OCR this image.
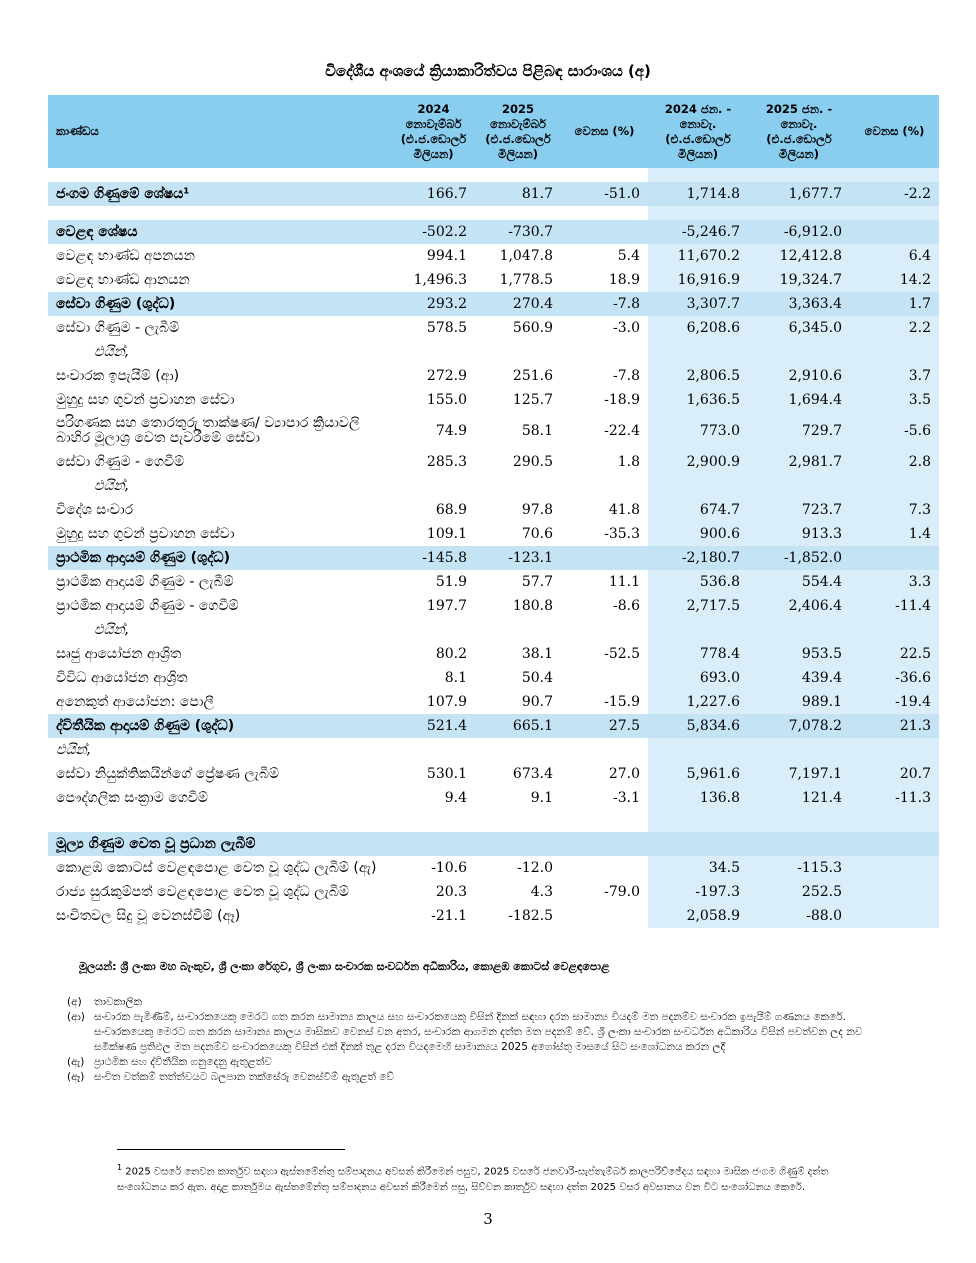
විදේශීය අංශයේ ක්‍රියාකාරිත්වය පිළිබඳ සාරාංශය (අ)
කාණ්ඩය	2024 නොවැම්බර් (එ.ජ.ඩොලර් මිලියන)	2025 නොවැම්බර් (එ.ජ.ඩොලර් මිලියන)	වෙනස (%)	2024 ජන. - නොවැ. (එ.ජ.ඩොලර් මිලියන)	2025 ජන. - නොවැ. (එ.ජ.ඩොලර් මිලියන)	වෙනස (%)

ජංගම ගිණුමේ ශේෂය¹	166.7	81.7	-51.0	1,714.8	1,677.7	-2.2

වෙළඳ ශේෂය	-502.2	-730.7		-5,246.7	-6,912.0	
වෙළඳ භාණ්ඩ අපනයන	994.1	1,047.8	5.4	11,670.2	12,412.8	6.4
වෙළඳ භාණ්ඩ ආනයන	1,496.3	1,778.5	18.9	16,916.9	19,324.7	14.2
සේවා ගිණුම (ශුද්ධ)	293.2	270.4	-7.8	3,307.7	3,363.4	1.7
සේවා ගිණුම - ලැබීම්	578.5	560.9	-3.0	6,208.6	6,345.0	2.2
එයින්,						
සංචාරක ඉපැයීම් (ආ)	272.9	251.6	-7.8	2,806.5	2,910.6	3.7
මුහුදු සහ ගුවන් ප්‍රවාහන සේවා	155.0	125.7	-18.9	1,636.5	1,694.4	3.5
පරිගණක සහ තොරතුරු තාක්ෂණ/ ව්‍යාපාර ක්‍රියාවලි බාහිර මූලාශ්‍ර වෙත පැවරීමේ සේවා	74.9	58.1	-22.4	773.0	729.7	-5.6
සේවා ගිණුම - ගෙවීම්	285.3	290.5	1.8	2,900.9	2,981.7	2.8
එයින්,						
විදේශ සංචාර	68.9	97.8	41.8	674.7	723.7	7.3
මුහුදු සහ ගුවන් ප්‍රවාහන සේවා	109.1	70.6	-35.3	900.6	913.3	1.4
ප්‍රාථමික ආදායම් ගිණුම (ශුද්ධ)	-145.8	-123.1		-2,180.7	-1,852.0	
ප්‍රාථමික ආදායම් ගිණුම - ලැබීම්	51.9	57.7	11.1	536.8	554.4	3.3
ප්‍රාථමික ආදායම් ගිණුම - ගෙවීම්	197.7	180.8	-8.6	2,717.5	2,406.4	-11.4
එයින්,						
සෘජු ආයෝජන ආශ්‍රිත	80.2	38.1	-52.5	778.4	953.5	22.5
විවිධ ආයෝජන ආශ්‍රිත	8.1	50.4		693.0	439.4	-36.6
අනෙකුත් ආයෝජන: පොලී	107.9	90.7	-15.9	1,227.6	989.1	-19.4
ද්විතීයික ආදායම් ගිණුම (ශුද්ධ)	521.4	665.1	27.5	5,834.6	7,078.2	21.3
එයින්,						
සේවා නියුක්තිකයින්ගේ ප්‍රේෂණ ලැබීම්	530.1	673.4	27.0	5,961.6	7,197.1	20.7
පෞද්ගලික සංක්‍රාම ගෙවීම්	9.4	9.1	-3.1	136.8	121.4	-11.3

මූල්‍ය ගිණුම වෙත වූ ප්‍රධාන ලැබීම්						
කොළඹ කොටස් වෙළඳපොළ වෙත වූ ශුද්ධ ලැබීම් (ඇ)	-10.6	-12.0		34.5	-115.3	
රාජ්‍ය සුරැකුම්පත් වෙළඳපොළ වෙත වූ ශුද්ධ ලැබීම්	20.3	4.3	-79.0	-197.3	252.5	
සංචිතවල සිදු වූ වෙනස්වීම් (ඈ)	-21.1	-182.5		2,058.9	-88.0	
මූලයන්: ශ්‍රී ලංකා මහ බැංකුව, ශ්‍රී ලංකා රේගුව, ශ්‍රී ලංකා සංචාරක සංවර්ධන අධිකාරිය, කොළඹ කොටස් වෙළඳපොළ
(අ)	තාවකාලික
(ආ) සංචාරක පැමිණීම්, සංචාරකයෙකු මෙරට ගත කරන සාමාන්‍ය කාලය සහ සංචාරකයෙකු විසින් දිනක් සඳහා දරන සාමාන්‍ය වියදම් මත පදනම්ව සංචාරක ඉපැයීම් ගණනය කෙරේ. සංචාරකයෙකු මෙරට ගත කරන සාමාන්‍ය කාලය මාසිකව වෙනස් වන අතර, සංචාරක ආගමන දත්ත මත පදනම් වේ. ශ්‍රී ලංකා සංචාරක සංවර්ධන අධිකාරිය විසින් පවත්වන ලද නව සමීක්ෂණ ප්‍රතිඵල මත පදනම්ව සංචාරකයෙකු විසින් එක් දිනක් තුළ දරන වියදමෙහි සාමාන්‍යය 2025 අගෝස්තු මාසයේ සිට සංශෝධනය කරන ලදී
(ඇ) ප්‍රාථමික සහ ද්විතීයික ගනුදෙනු ඇතුළත්ව
(ඈ) සංචිත වත්කම් තත්ත්වයට බලපාන තක්සේරු වෙනස්වීම් ඇතුළත් වේ
$^1$ 2025 වසරේ තෙවන කාර්තුව සඳහා ඇස්තමේන්තු සම්පාදනය අවසන් කිරීමෙන් පසුව, 2025 වසරේ ජනවාරි-සැප්තැම්බර් කාලපරිච්ඡේදය සඳහා මාසික ජංගම ගිණුම් දත්ත සංශෝධනය කර ඇත. අදාළ කාර්තුමය ඇස්තමේන්තු සම්පාදනය අවසන් කිරීමෙන් පසු, සිව්වන කාර්තුව සඳහා දත්ත 2025 වසර අවසානය වන විට සංශෝධනය කෙරේ.
3
